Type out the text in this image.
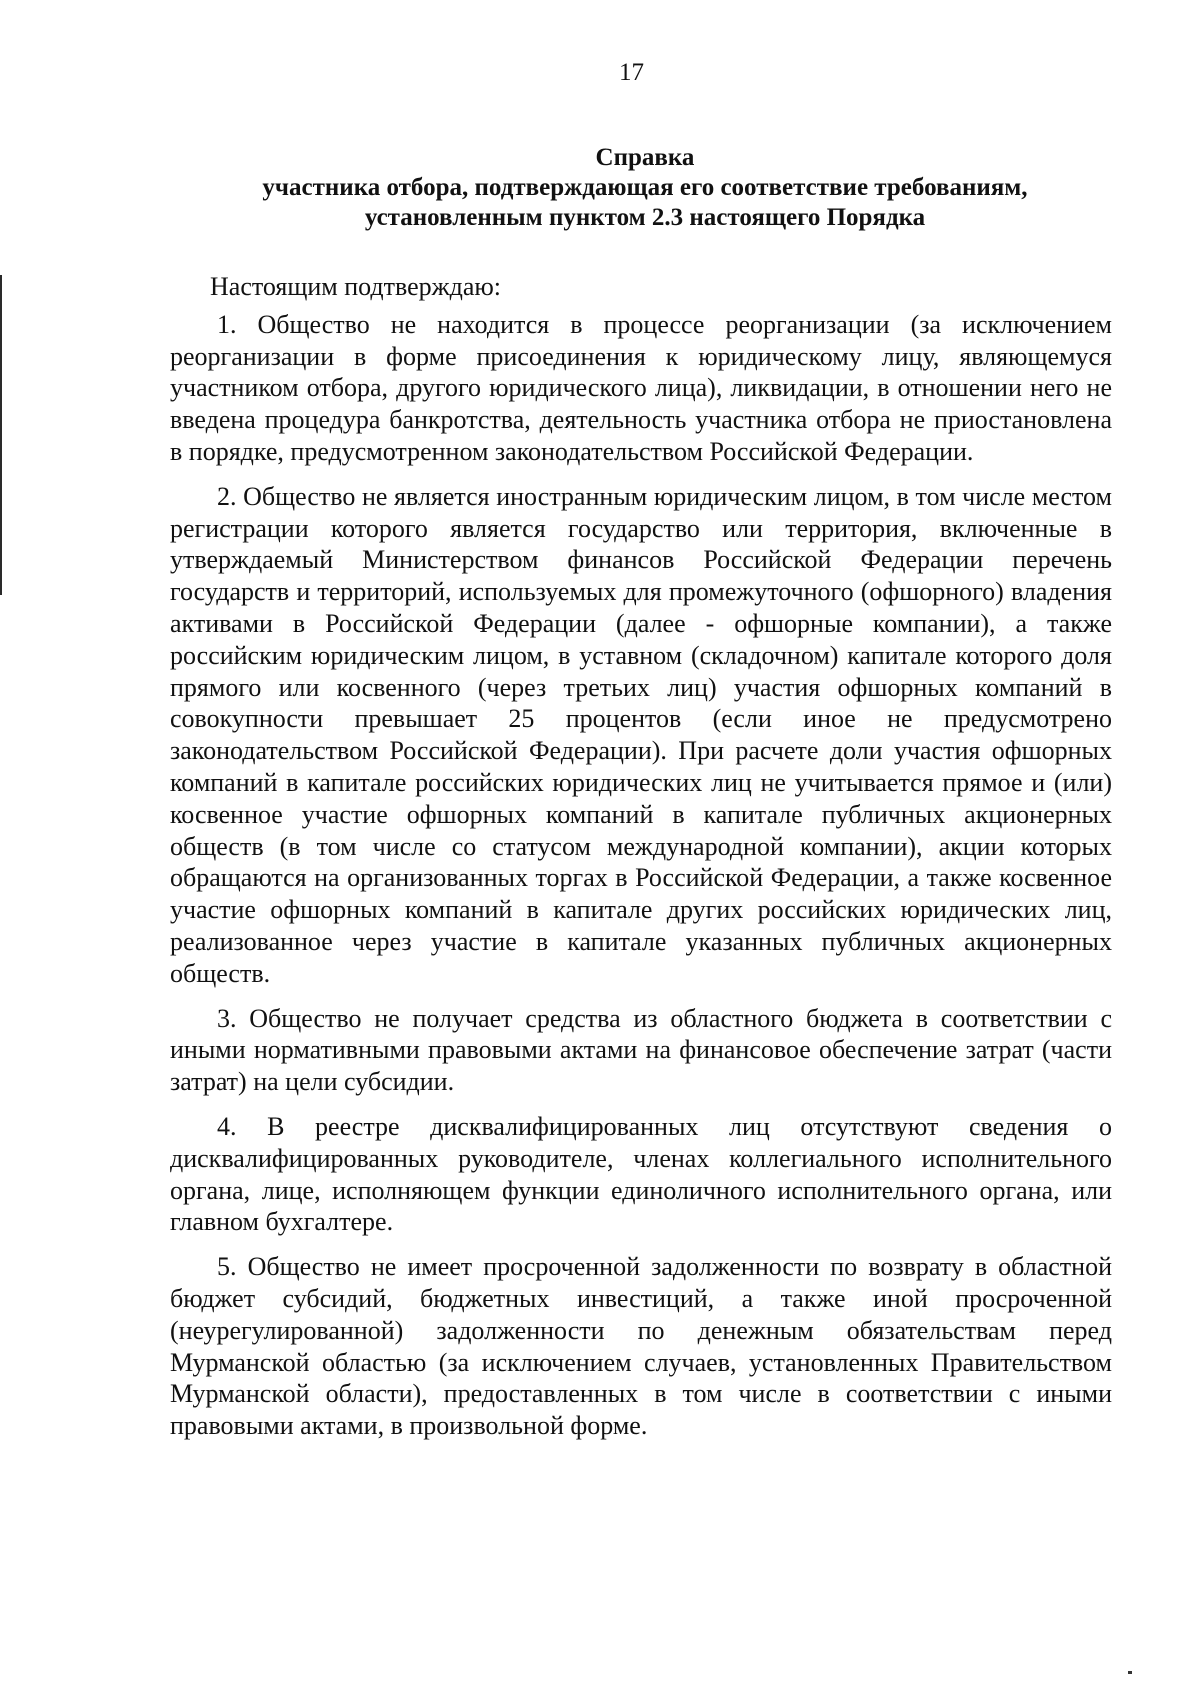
17
Справка
участника отбора, подтверждающая его соответствие требованиям,
установленным пунктом 2.3 настоящего Порядка

Настоящим подтверждаю:

1. Общество не находится в процессе реорганизации (за исключением реорганизации в форме присоединения к юридическому лицу, являющемуся участником отбора, другого юридического лица), ликвидации, в отношении него не введена процедура банкротства, деятельность участника отбора не приостановлена в порядке, предусмотренном законодательством Российской Федерации.

2. Общество не является иностранным юридическим лицом, в том числе местом регистрации которого является государство или территория, включенные в утверждаемый Министерством финансов Российской Федерации перечень государств и территорий, используемых для промежуточного (офшорного) владения активами в Российской Федерации (далее - офшорные компании), а также российским юридическим лицом, в уставном (складочном) капитале которого доля прямого или косвенного (через третьих лиц) участия офшорных компаний в совокупности превышает 25 процентов (если иное не предусмотрено законодательством Российской Федерации). При расчете доли участия офшорных компаний в капитале российских юридических лиц не учитывается прямое и (или) косвенное участие офшорных компаний в капитале публичных акционерных обществ (в том числе со статусом международной компании), акции которых обращаются на организованных торгах в Российской Федерации, а также косвенное участие офшорных компаний в капитале других российских юридических лиц, реализованное через участие в капитале указанных публичных акционерных обществ.

3. Общество не получает средства из областного бюджета в соответствии с иными нормативными правовыми актами на финансовое обеспечение затрат (части затрат) на цели субсидии.

4. В реестре дисквалифицированных лиц отсутствуют сведения о дисквалифицированных руководителе, членах коллегиального исполнительного органа, лице, исполняющем функции единоличного исполнительного органа, или главном бухгалтере.

5. Общество не имеет просроченной задолженности по возврату в областной бюджет субсидий, бюджетных инвестиций, а также иной просроченной (неурегулированной) задолженности по денежным обязательствам перед Мурманской областью (за исключением случаев, установленных Правительством Мурманской области), предоставленных в том числе в соответствии с иными правовыми актами, в произвольной форме.
